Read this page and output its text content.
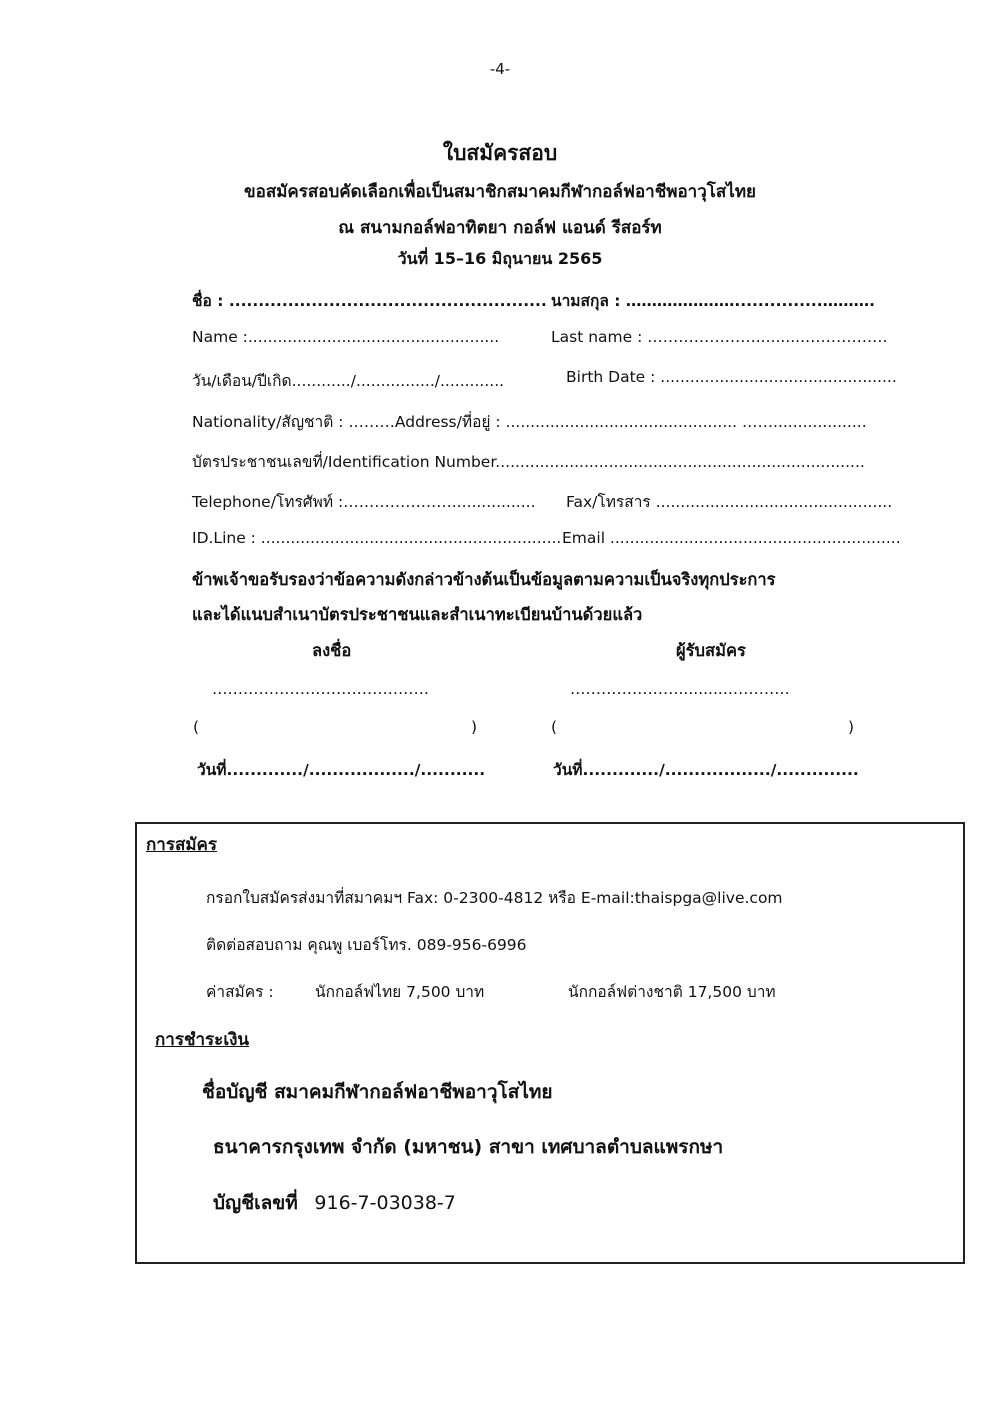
-4-
ใบสมัครสอบ
ขอสมัครสอบคัดเลือกเพื่อเป็นสมาชิกสมาคมกีฬากอล์ฟอาชีพอาวุโสไทย
ณ สนามกอล์ฟอาทิตยา กอล์ฟ แอนด์ รีสอร์ท
วันที่ 15–16 มิถุนายน 2565
ชื่อ : ...................................................... นามสกุล : …………………...............……….
Name :...................................................	Last name : …………………..........…………….
วัน/เดือน/ปีเกิด............/................/.............	Birth Date : ................................................
Nationality/สัญชาติ : ………Address/ที่อยู่ : ............................................... ……...................
บัตรประชาชนเลขที่/Identification Number...........................................................................
Telephone/โทรศัพท์ :…………………................. Fax/โทรสาร ................................................
ID.Line : ............................................................. Email ...........................................................
ข้าพเจ้าขอรับรองว่าข้อความดังกล่าวข้างต้นเป็นข้อมูลตามความเป็นจริงทุกประการ
และได้แนบสำเนาบัตรประชาชนและสำเนาทะเบียนบ้านด้วยแล้ว
ลงชื่อ	ผู้รับสมัคร
……………………………………	…………………..........…………
(	)	(	)
วันที่............./................../...........	วันที่............./................../..............
การสมัคร
กรอกใบสมัครส่งมาที่สมาคมฯ Fax: 0-2300-4812 หรือ E-mail:thaispga@live.com
ติดต่อสอบถาม คุณพู เบอร์โทร. 089-956-6996
ค่าสมัคร :	นักกอล์ฟไทย 7,500 บาท	นักกอล์ฟต่างชาติ 17,500 บาท
การชำระเงิน
ชื่อบัญชี สมาคมกีฬากอล์ฟอาชีพอาวุโสไทย
ธนาคารกรุงเทพ จำกัด (มหาชน) สาขา เทศบาลตำบลแพรกษา
บัญชีเลขที่ 916-7-03038-7
